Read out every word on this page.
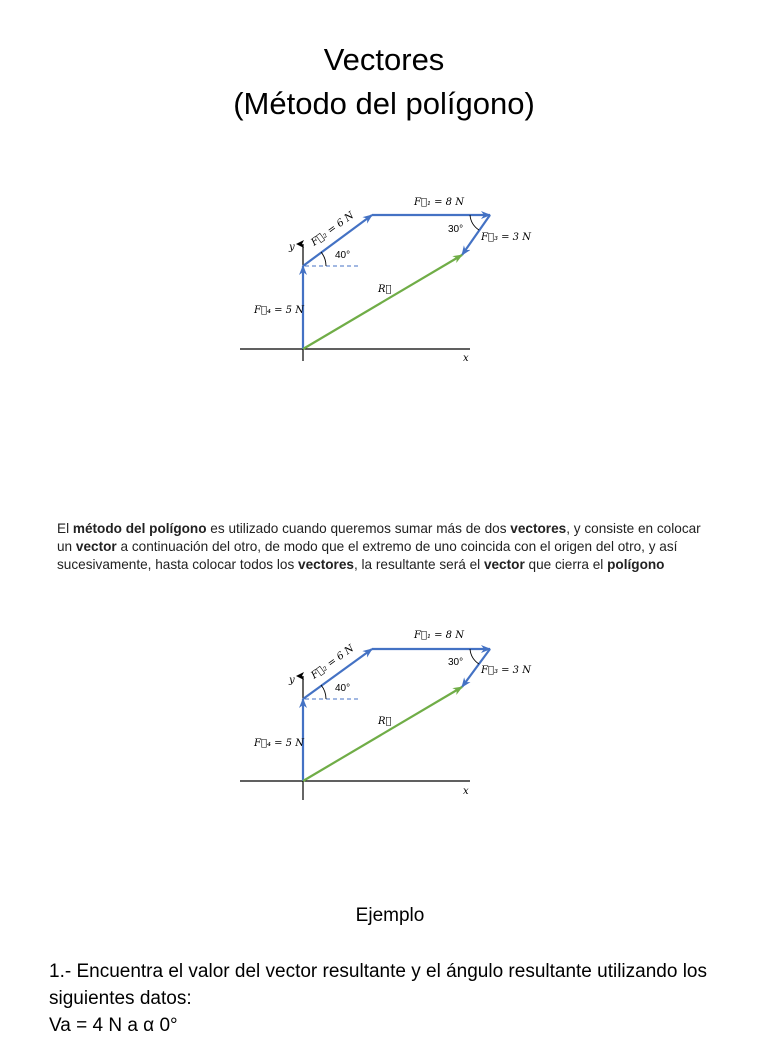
Vectores
(Método del polígono)
F⃗₁ = 8 N
F⃗₂ = 6 N	F⃗₃ = 3 N
F⃗₄ = 5 N
R⃗
40°
30°
x
y
El método del polígono es utilizado cuando queremos sumar más de dos vectores, y consiste en colocar un vector a continuación del otro, de modo que el extremo de uno coincida con el origen del otro, y así sucesivamente, hasta colocar todos los vectores, la resultante será el vector que cierra el polígono
F⃗₁ = 8 N
F⃗₂ = 6 N	F⃗₃ = 3 N
F⃗₄ = 5 N
R⃗
40°
30°
x
y
Ejemplo
1.- Encuentra el valor del vector resultante y el ángulo resultante utilizando los siguientes datos:
Va = 4 N a α 0°
